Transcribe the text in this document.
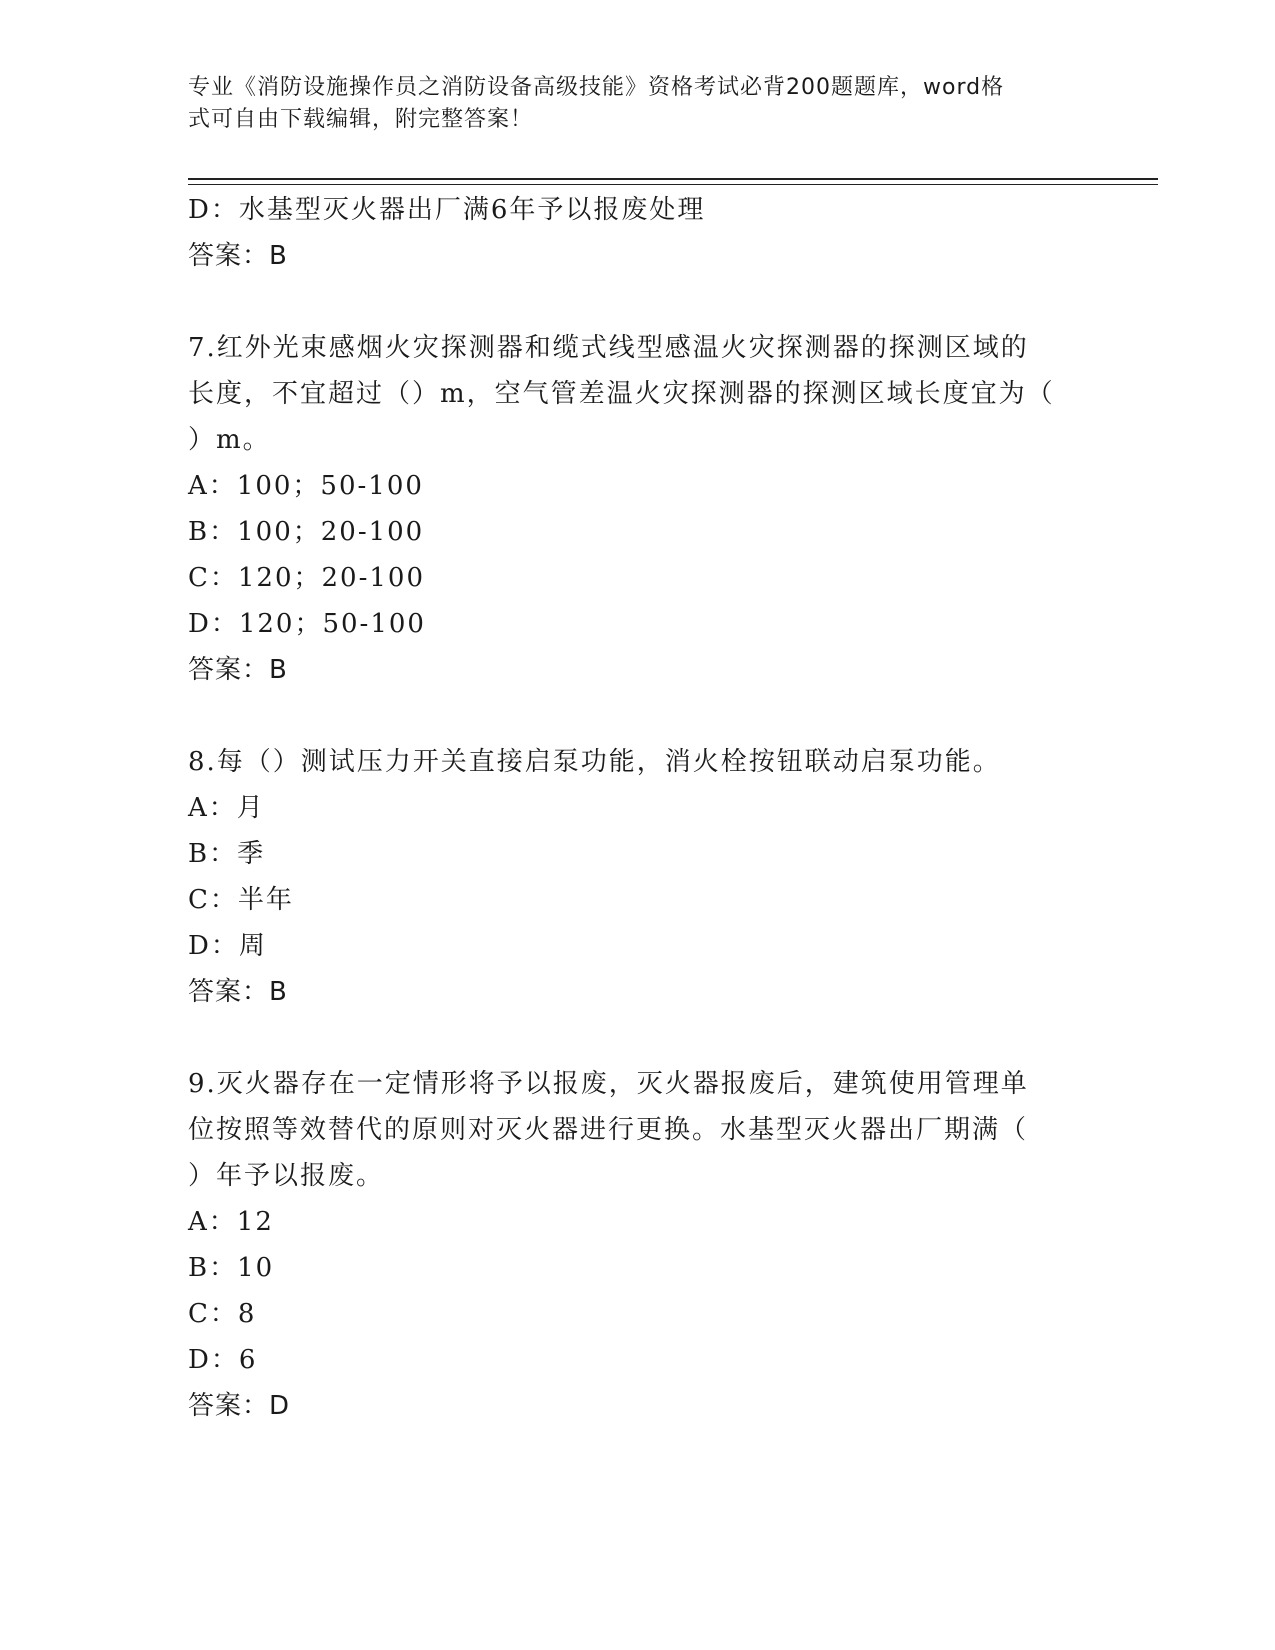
专业《消防设施操作员之消防设备高级技能》资格考试必背200题题库，word格
式可自由下载编辑，附完整答案！
D：水基型灭火器出厂满6年予以报废处理
答案：B
7.红外光束感烟火灾探测器和缆式线型感温火灾探测器的探测区域的
长度，不宜超过（）m，空气管差温火灾探测器的探测区域长度宜为（
）m。
A：100；50-100
B：100；20-100
C：120；20-100
D：120；50-100
答案：B
8.每（）测试压力开关直接启泵功能，消火栓按钮联动启泵功能。
A：月
B：季
C：半年
D：周
答案：B
9.灭火器存在一定情形将予以报废，灭火器报废后，建筑使用管理单
位按照等效替代的原则对灭火器进行更换。水基型灭火器出厂期满（
）年予以报废。
A：12
B：10
C：8
D：6
答案：D
